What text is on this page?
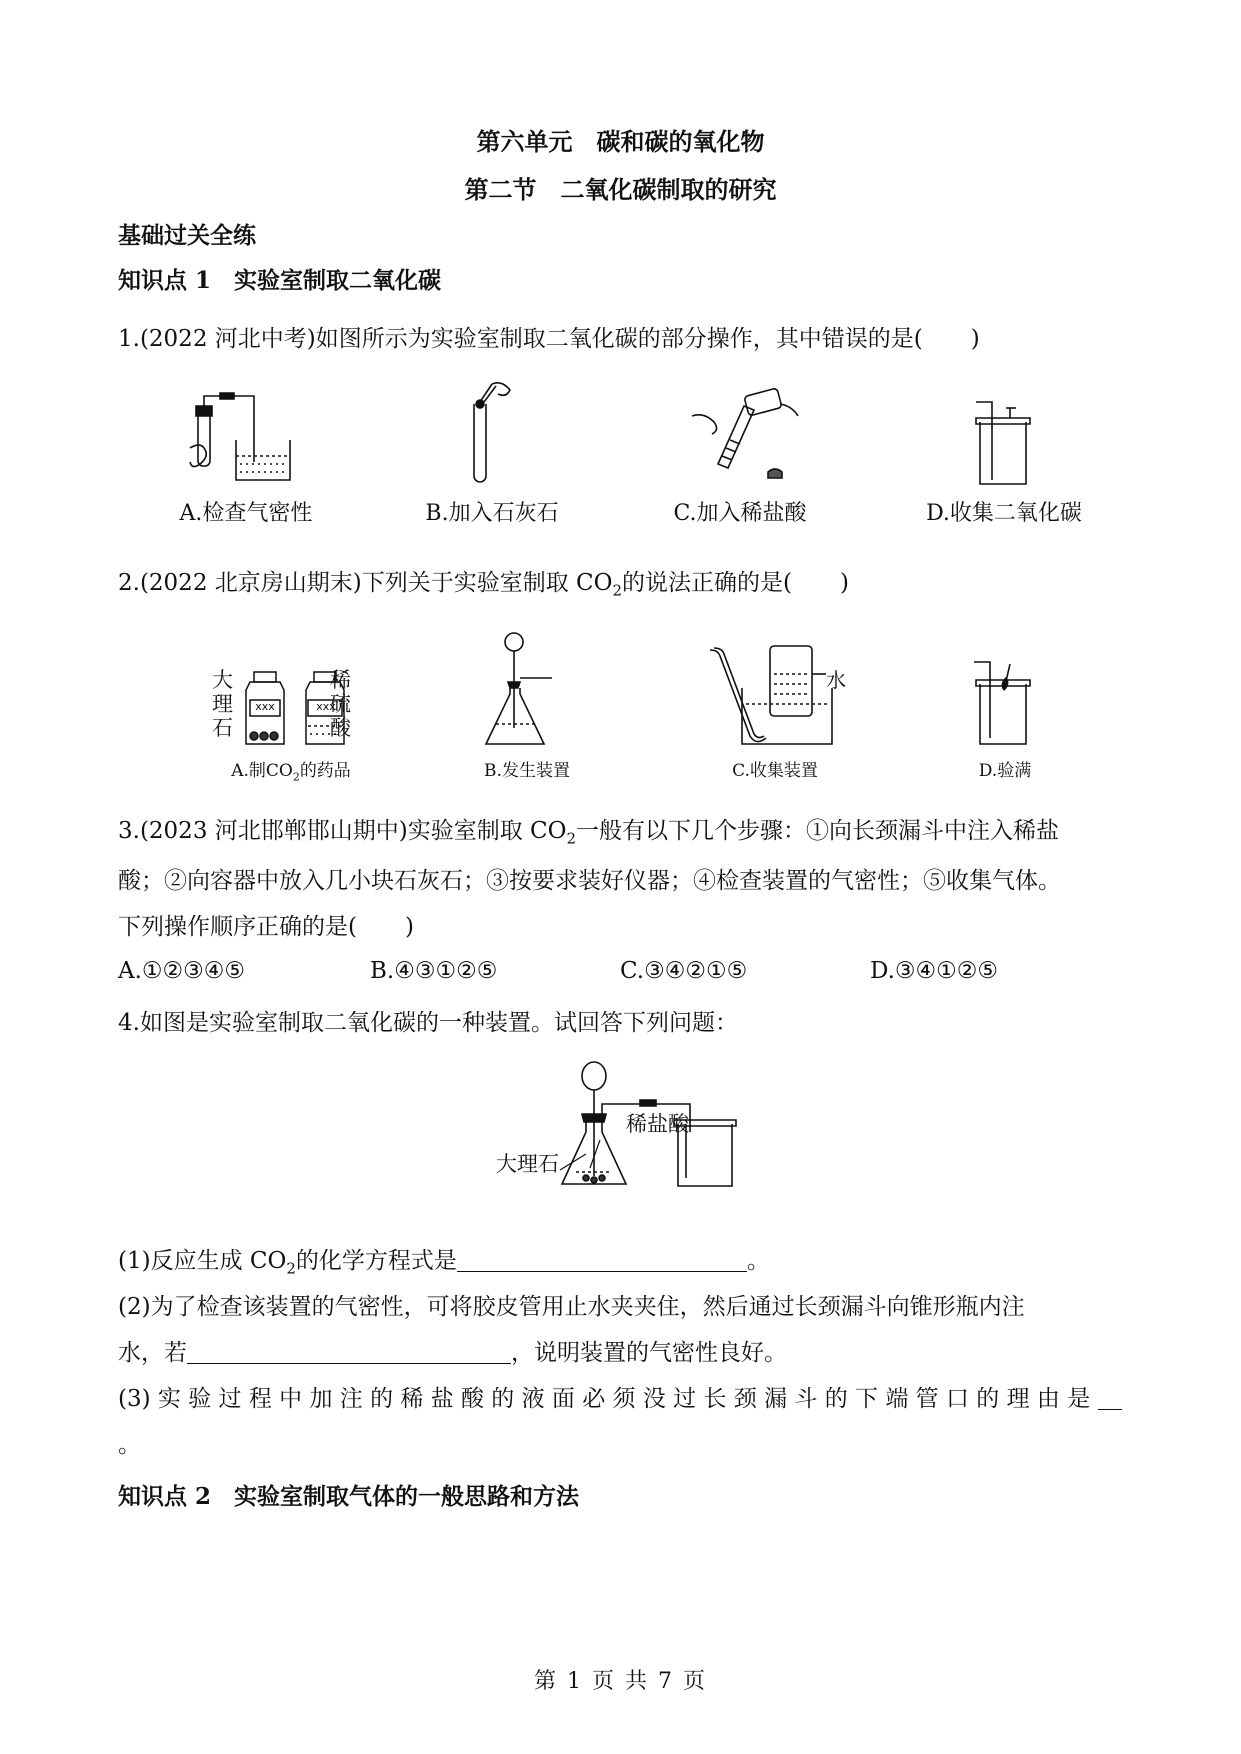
第六单元　碳和碳的氧化物
第二节　二氧化碳制取的研究
基础过关全练
知识点 1　实验室制取二氧化碳
1.(2022 河北中考)如图所示为实验室制取二氧化碳的部分操作，其中错误的是( )
A.检查气密性	B.加入石灰石	C.加入稀盐酸	D.收集二氧化碳
2.(2022 北京房山期末)下列关于实验室制取 $CO_2$的说法正确的是( )
大
理
石
xxx	xxx
稀
硫
酸
A.制$CO_2$的药品	B.发生装置
水
C.收集装置	D.验满
3.(2023 河北邯郸邯山期中)实验室制取 $CO_2$一般有以下几个步骤：①向长颈漏斗中注入稀盐
酸；②向容器中放入几小块石灰石；③按要求装好仪器；④检查装置的气密性；⑤收集气体。
下列操作顺序正确的是( )
A.①②③④⑤	B.④③①②⑤	C.③④②①⑤	D.③④①②⑤
4.如图是实验室制取二氧化碳的一种装置。试回答下列问题：
稀盐酸
大理石
(1)反应生成 $CO_2$的化学方程式是	。
(2)为了检查该装置的气密性，可将胶皮管用止水夹夹住，然后通过长颈漏斗向锥形瓶内注
水，若	，说明装置的气密性良好。
(3) 实 验 过 程 中 加 注 的 稀 盐 酸 的 液 面 必 须 没 过 长 颈 漏 斗 的 下 端 管 口 的 理 由 是
。
知识点 2　实验室制取气体的一般思路和方法
第 1 页 共 7 页
